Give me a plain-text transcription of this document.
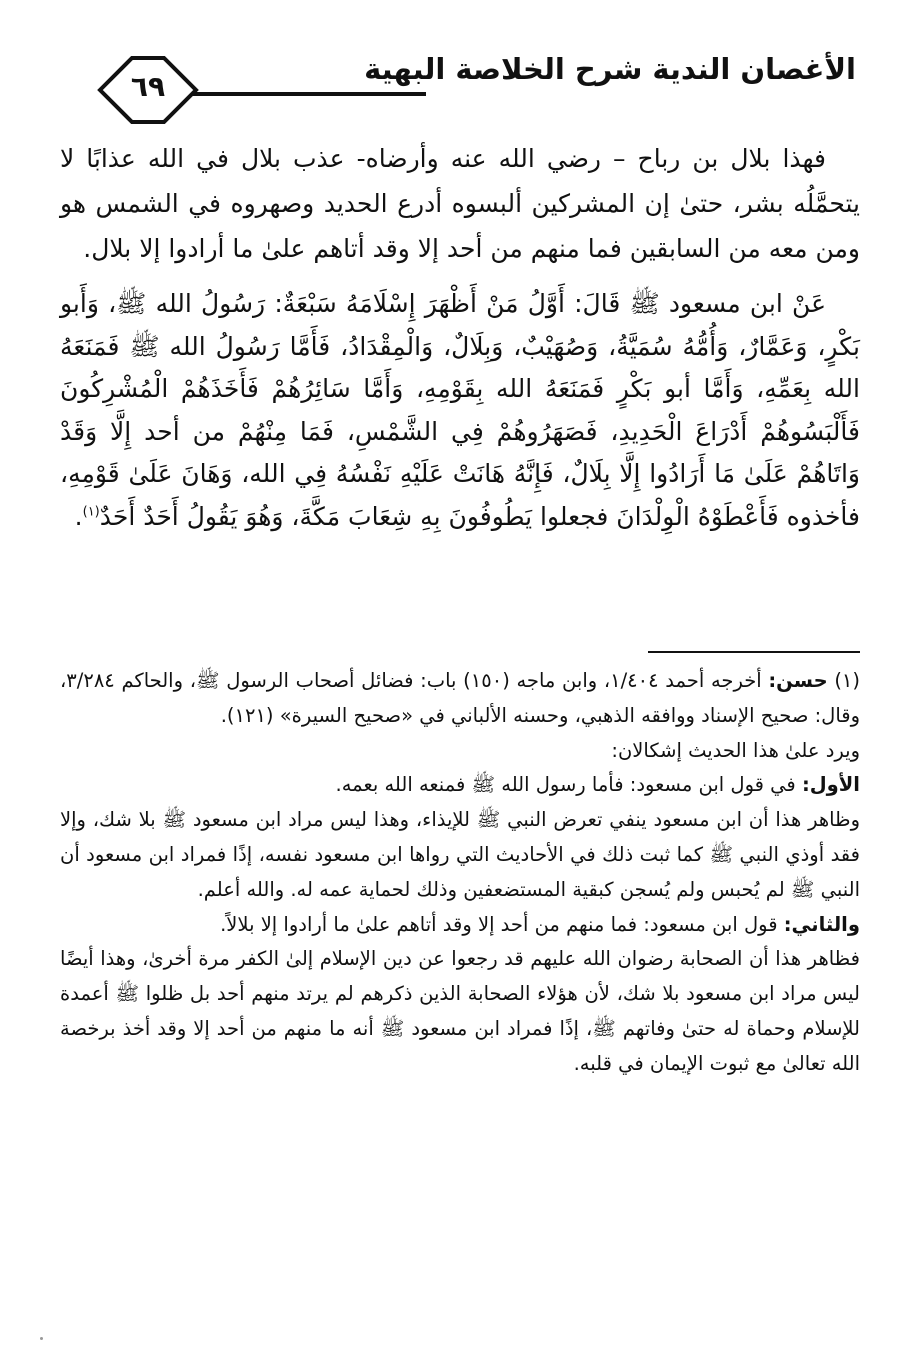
الأغصان الندية شرح الخلاصة البهية
٦٩

فهذا بلال بن رباح – رضي الله عنه وأرضاه- عذب بلال في الله عذابًا لا يتحمَّلُه بشر، حتىٰ إن المشركين ألبسوه أدرع الحديد وصهروه في الشمس هو ومن معه من السابقين فما منهم من أحد إلا وقد أتاهم علىٰ ما أرادوا إلا بلال.

عَنْ ابن مسعود ﷺ قَالَ: أَوَّلُ مَنْ أَظْهَرَ إِسْلَامَهُ سَبْعَةٌ: رَسُولُ الله ﷺ، وَأَبو بَكْرٍ، وَعَمَّارٌ، وَأُمُّهُ سُمَيَّةُ، وَصُهَيْبٌ، وَبِلَالٌ، وَالْمِقْدَادُ، فَأَمَّا رَسُولُ الله ﷺ فَمَنَعَهُ الله بِعَمِّهِ، وَأَمَّا أبو بَكْرٍ فَمَنَعَهُ الله بِقَوْمِهِ، وَأَمَّا سَائِرُهُمْ فَأَخَذَهُمْ الْمُشْرِكُونَ فَأَلْبَسُوهُمْ أَدْرَاعَ الْحَدِيدِ، فَصَهَرُوهُمْ فِي الشَّمْسِ، فَمَا مِنْهُمْ من أحد إِلَّا وَقَدْ وَاتَاهُمْ عَلَىٰ مَا أَرَادُوا إِلَّا بِلَالٌ، فَإِنَّهُ هَانَتْ عَلَيْهِ نَفْسُهُ فِي الله، وَهَانَ عَلَىٰ قَوْمِهِ، فأخذوه فَأَعْطَوْهُ الْوِلْدَانَ فجعلوا يَطُوفُونَ بِهِ شِعَابَ مَكَّةَ، وَهُوَ يَقُولُ أَحَدٌ أَحَدٌ$^{(١)}$.

(١) حسن: أخرجه أحمد ١/٤٠٤، وابن ماجه (١٥٠) باب: فضائل أصحاب الرسول ﷺ، والحاكم ٣/٢٨٤، وقال: صحيح الإسناد ووافقه الذهبي، وحسنه الألباني في «صحيح السيرة» (١٢١).

ويرد علىٰ هذا الحديث إشكالان:

الأول: في قول ابن مسعود: فأما رسول الله ﷺ فمنعه الله بعمه.

وظاهر هذا أن ابن مسعود ينفي تعرض النبي ﷺ للإيذاء، وهذا ليس مراد ابن مسعود ﷺ بلا شك، وإلا فقد أوذي النبي ﷺ كما ثبت ذلك في الأحاديث التي رواها ابن مسعود نفسه، إذًا فمراد ابن مسعود أن النبي ﷺ لم يُحبس ولم يُسجن كبقية المستضعفين وذلك لحماية عمه له. والله أعلم.

والثاني: قول ابن مسعود: فما منهم من أحد إلا وقد أتاهم علىٰ ما أرادوا إلا بلالاً.

فظاهر هذا أن الصحابة رضوان الله عليهم قد رجعوا عن دين الإسلام إلىٰ الكفر مرة أخرىٰ، وهذا أيضًا ليس مراد ابن مسعود بلا شك، لأن هؤلاء الصحابة الذين ذكرهم لم يرتد منهم أحد بل ظلوا ﷺ أعمدة للإسلام وحماة له حتىٰ وفاتهم ﷺ، إذًا فمراد ابن مسعود ﷺ أنه ما منهم من أحد إلا وقد أخذ برخصة الله تعالىٰ مع ثبوت الإيمان في قلبه.
